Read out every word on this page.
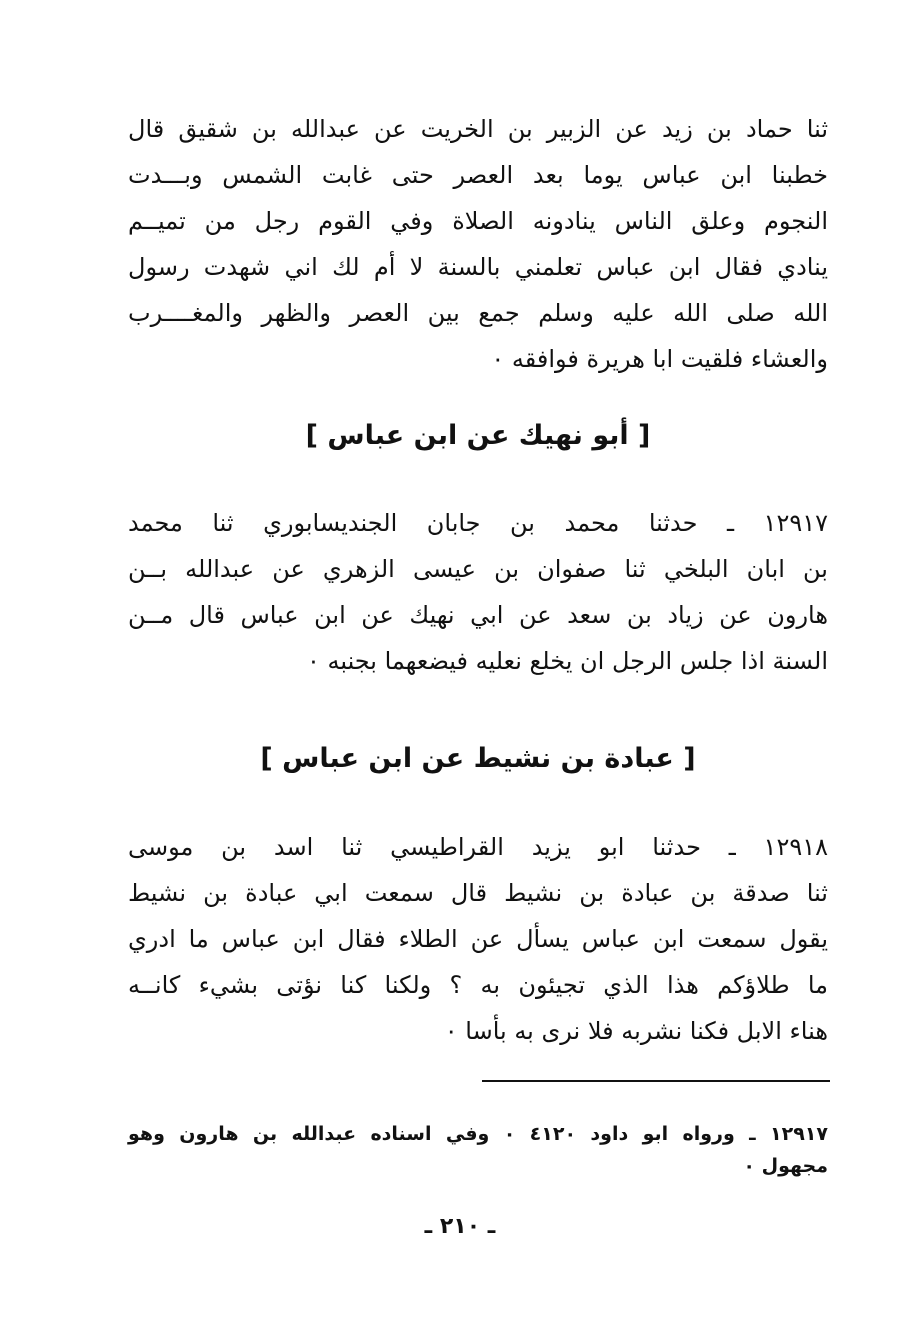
ثنا حماد بن زيد عن الزبير بن الخريت عن عبدالله بن شقيق قال
خطبنا ابن عباس يوما بعد العصر حتى غابت الشمس وبـــدت
النجوم وعلق الناس ينادونه الصلاة وفي القوم رجل من تميــم
ينادي فقال ابن عباس تعلمني بالسنة لا أم لك اني شهدت رسول
الله صلى الله عليه وسلم جمع بين العصر والظهر والمغــــرب
والعشاء فلقيت ابا هريرة فوافقه ٠
[ أبو نهيك عن ابن عباس ]
١٢٩١٧ ـ حدثنا محمد بن جابان الجنديسابوري ثنا محمد
بن ابان البلخي ثنا صفوان بن عيسى الزهري عن عبدالله بــن
هارون عن زياد بن سعد عن ابي نهيك عن ابن عباس قال مــن
السنة اذا جلس الرجل ان يخلع نعليه فيضعهما بجنبه ٠
[ عبادة بن نشيط عن ابن عباس ]
١٢٩١٨ ـ حدثنا ابو يزيد القراطيسي ثنا اسد بن موسى
ثنا صدقة بن عبادة بن نشيط قال سمعت ابي عبادة بن نشيط
يقول سمعت ابن عباس يسأل عن الطلاء فقال ابن عباس ما ادري
ما طلاؤكم هذا الذي تجيئون به ؟ ولكنا كنا نؤتى بشيء كانــه
هناء الابل فكنا نشربه فلا نرى به بأسا ٠
١٢٩١٧ ـ ورواه ابو داود ٤١٢٠ ٠ وفي اسناده عبدالله بن هارون وهو
مجهول ٠
ـ ٢١٠ ـ
